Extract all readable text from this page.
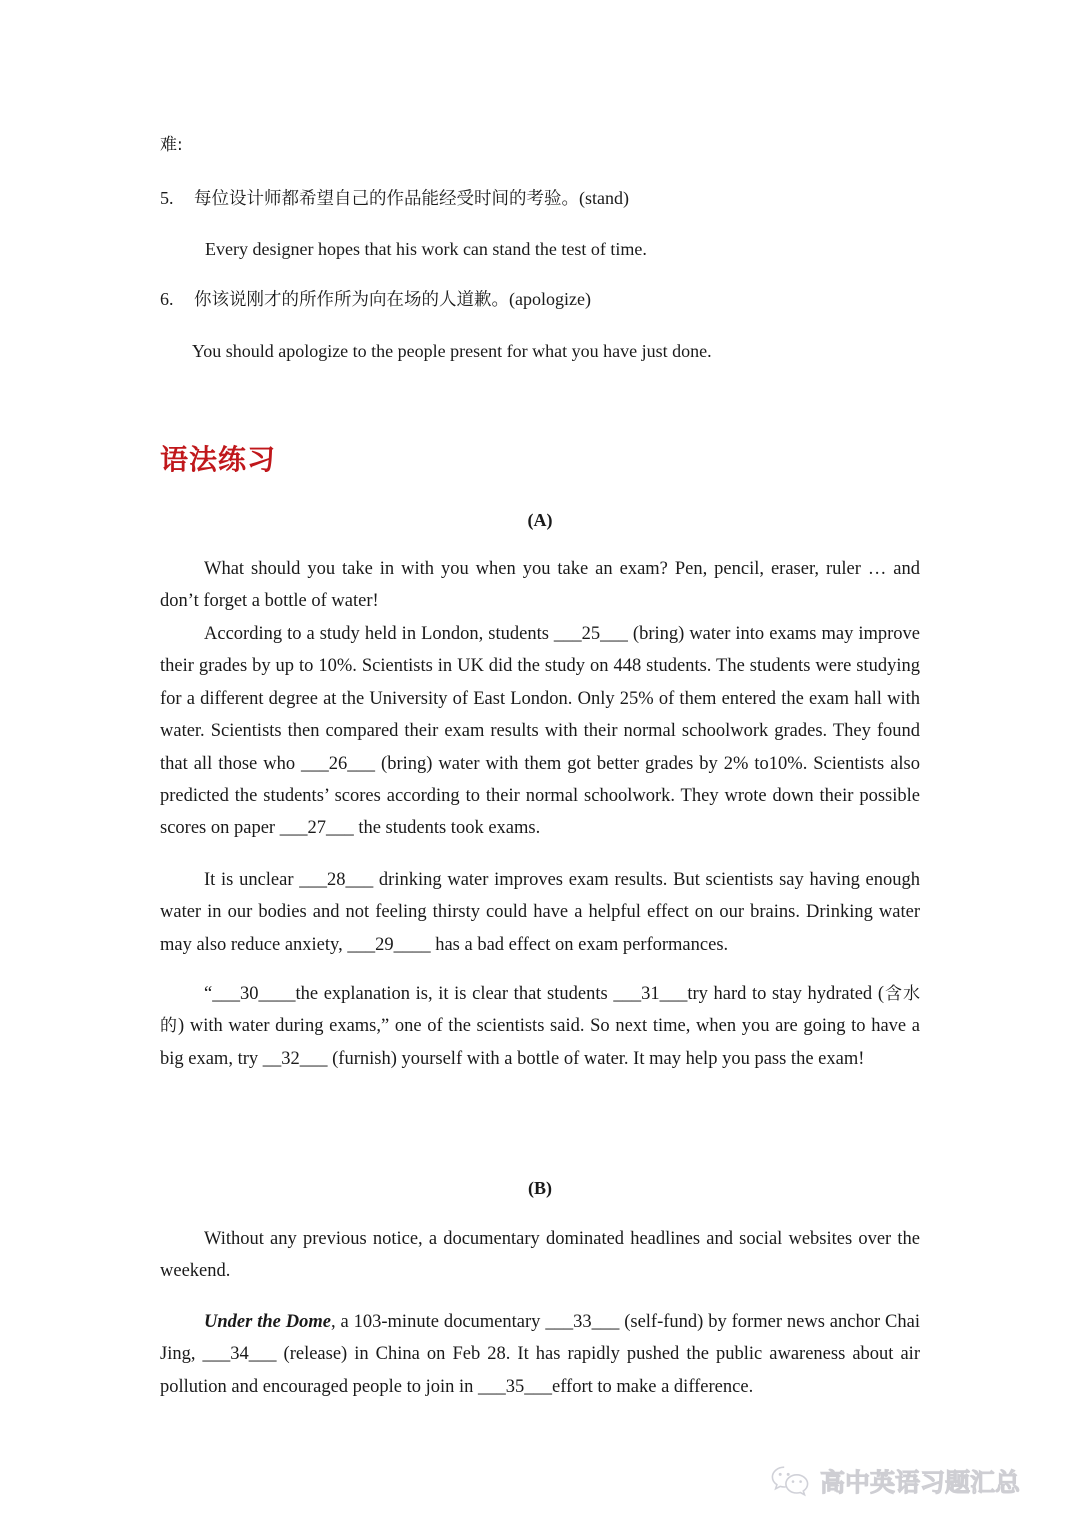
难:
5.	每位设计师都希望自己的作品能经受时间的考验。(stand)
Every designer hopes that his work can stand the test of time.
6.	你该说刚才的所作所为向在场的人道歉。(apologize)
You should apologize to the people present for what you have just done.
语法练习
(A)
What should you take in with you when you take an exam? Pen, pencil, eraser, ruler … and don’t forget a bottle of water!
According to a study held in London, students ___25___ (bring) water into exams may improve their grades by up to 10%. Scientists in UK did the study on 448 students. The students were studying for a different degree at the University of East London. Only 25% of them entered the exam hall with water. Scientists then compared their exam results with their normal schoolwork grades. They found that all those who ___26___ (bring) water with them got better grades by 2% to10%. Scientists also predicted the students’ scores according to their normal schoolwork. They wrote down their possible scores on paper ___27___ the students took exams.
It is unclear ___28___ drinking water improves exam results. But scientists say having enough water in our bodies and not feeling thirsty could have a helpful effect on our brains. Drinking water may also reduce anxiety, ___29____ has a bad effect on exam performances.
“___30____the explanation is, it is clear that students ___31___try hard to stay hydrated (含水的) with water during exams,” one of the scientists said. So next time, when you are going to have a big exam, try __32___ (furnish) yourself with a bottle of water. It may help you pass the exam!
(B)
Without any previous notice, a documentary dominated headlines and social websites over the weekend.
Under the Dome, a 103-minute documentary ___33___ (self-fund) by former news anchor Chai Jing, ___34___ (release) in China on Feb 28. It has rapidly pushed the public awareness about air pollution and encouraged people to join in ___35___effort to make a difference.
高中英语习题汇总
